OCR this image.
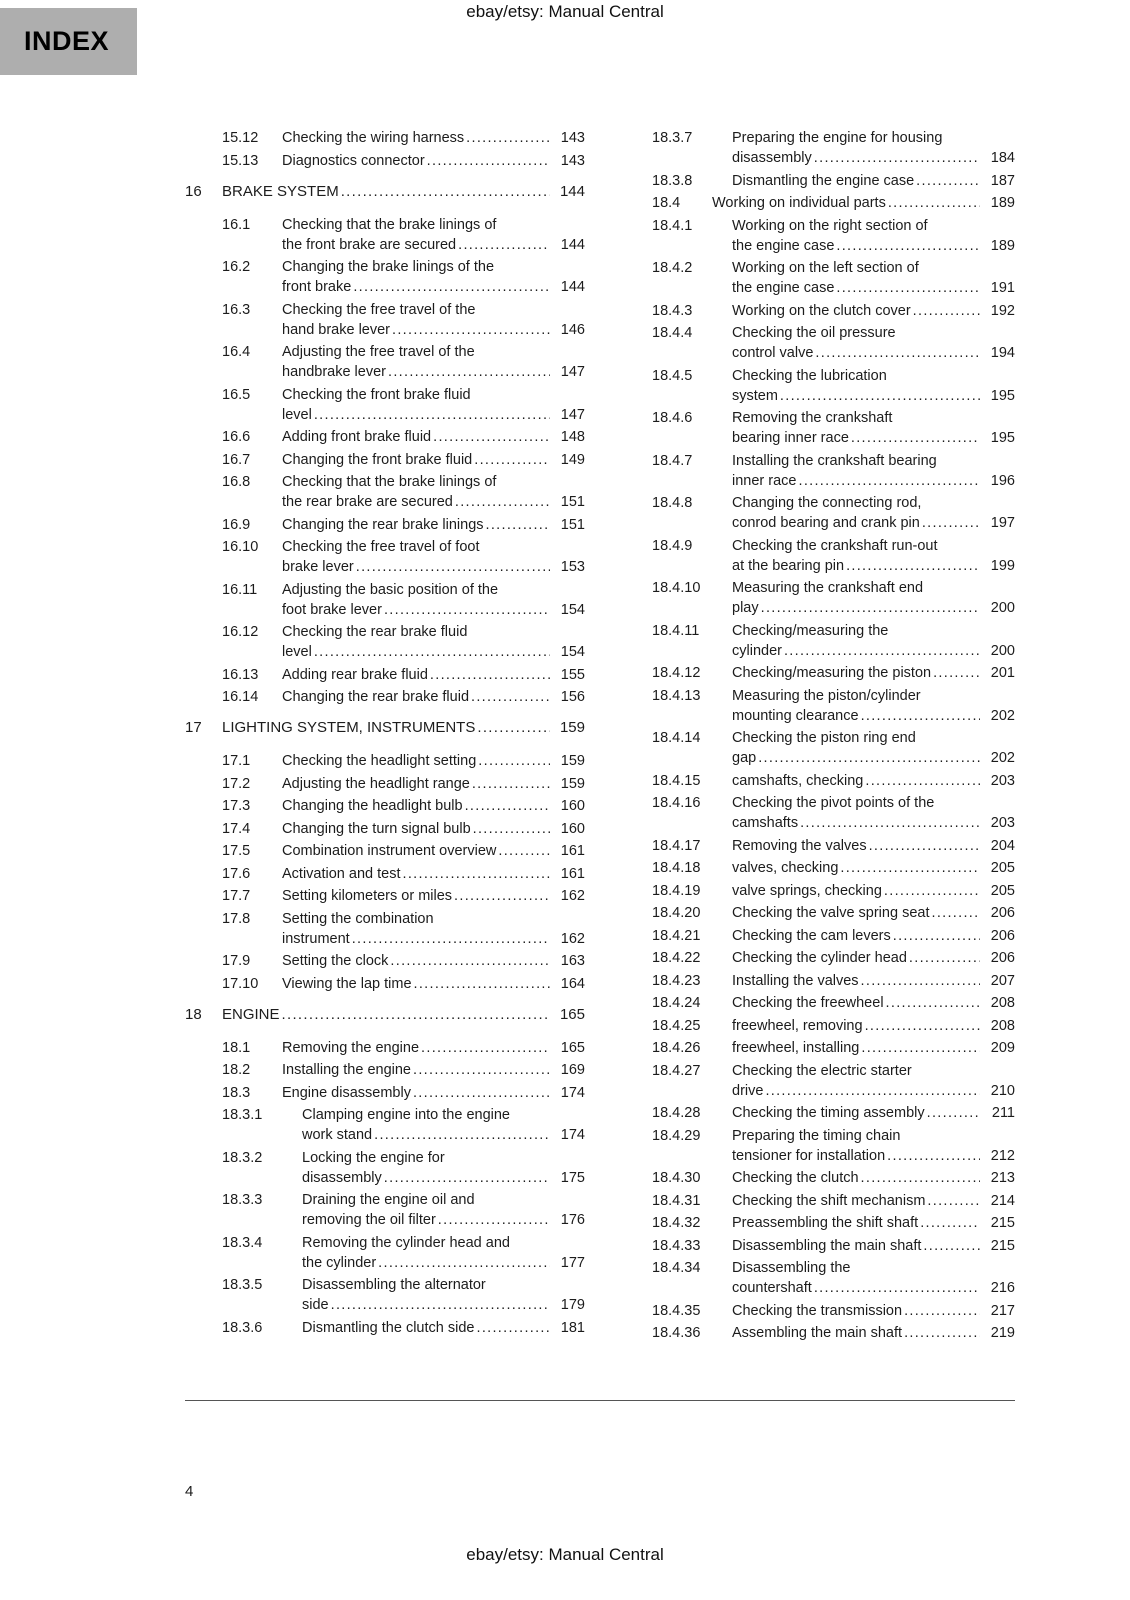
ebay/etsy: Manual Central
INDEX
15.12	Checking the wiring harness .....	143
15.13	Diagnostics connector .....	143
16	BRAKE SYSTEM .....	144
16.1	Checking that the brake linings of
the front brake are secured .....	144
16.2	Changing the brake linings of the
front brake .....	144
16.3	Checking the free travel of the
hand brake lever .....	146
16.4	Adjusting the free travel of the
handbrake lever .....	147
16.5	Checking the front brake fluid
level .....	147
16.6	Adding front brake fluid .....	148
16.7	Changing the front brake fluid .....	149
16.8	Checking that the brake linings of
the rear brake are secured .....	151
16.9	Changing the rear brake linings .....	151
16.10	Checking the free travel of foot
brake lever .....	153
16.11	Adjusting the basic position of the
foot brake lever .....	154
16.12	Checking the rear brake fluid
level .....	154
16.13	Adding rear brake fluid .....	155
16.14	Changing the rear brake fluid .....	156
17	LIGHTING SYSTEM, INSTRUMENTS .....	159
17.1	Checking the headlight setting .....	159
17.2	Adjusting the headlight range .....	159
17.3	Changing the headlight bulb .....	160
17.4	Changing the turn signal bulb .....	160
17.5	Combination instrument overview .....	161
17.6	Activation and test .....	161
17.7	Setting kilometers or miles .....	162
17.8	Setting the combination
instrument .....	162
17.9	Setting the clock .....	163
17.10	Viewing the lap time .....	164
18	ENGINE .....	165
18.1	Removing the engine .....	165
18.2	Installing the engine .....	169
18.3	Engine disassembly .....	174
18.3.1	Clamping engine into the engine
work stand .....	174
18.3.2	Locking the engine for
disassembly .....	175
18.3.3	Draining the engine oil and
removing the oil filter .....	176
18.3.4	Removing the cylinder head and
the cylinder .....	177
18.3.5	Disassembling the alternator
side .....	179
18.3.6	Dismantling the clutch side .....	181
18.3.7	Preparing the engine for housing
disassembly .....	184
18.3.8	Dismantling the engine case .....	187
18.4	Working on individual parts .....	189
18.4.1	Working on the right section of
the engine case .....	189
18.4.2	Working on the left section of
the engine case .....	191
18.4.3	Working on the clutch cover .....	192
18.4.4	Checking the oil pressure
control valve .....	194
18.4.5	Checking the lubrication
system .....	195
18.4.6	Removing the crankshaft
bearing inner race .....	195
18.4.7	Installing the crankshaft bearing
inner race .....	196
18.4.8	Changing the connecting rod,
conrod bearing and crank pin .....	197
18.4.9	Checking the crankshaft run-out
at the bearing pin .....	199
18.4.10	Measuring the crankshaft end
play .....	200
18.4.11	Checking/measuring the
cylinder .....	200
18.4.12	Checking/measuring the piston .....	201
18.4.13	Measuring the piston/cylinder
mounting clearance .....	202
18.4.14	Checking the piston ring end
gap .....	202
18.4.15	camshafts, checking .....	203
18.4.16	Checking the pivot points of the
camshafts .....	203
18.4.17	Removing the valves .....	204
18.4.18	valves, checking .....	205
18.4.19	valve springs, checking .....	205
18.4.20	Checking the valve spring seat .....	206
18.4.21	Checking the cam levers .....	206
18.4.22	Checking the cylinder head .....	206
18.4.23	Installing the valves .....	207
18.4.24	Checking the freewheel .....	208
18.4.25	freewheel, removing .....	208
18.4.26	freewheel, installing .....	209
18.4.27	Checking the electric starter
drive .....	210
18.4.28	Checking the timing assembly .....	211
18.4.29	Preparing the timing chain
tensioner for installation .....	212
18.4.30	Checking the clutch .....	213
18.4.31	Checking the shift mechanism .....	214
18.4.32	Preassembling the shift shaft .....	215
18.4.33	Disassembling the main shaft .....	215
18.4.34	Disassembling the
countershaft .....	216
18.4.35	Checking the transmission .....	217
18.4.36	Assembling the main shaft .....	219
4
ebay/etsy: Manual Central
